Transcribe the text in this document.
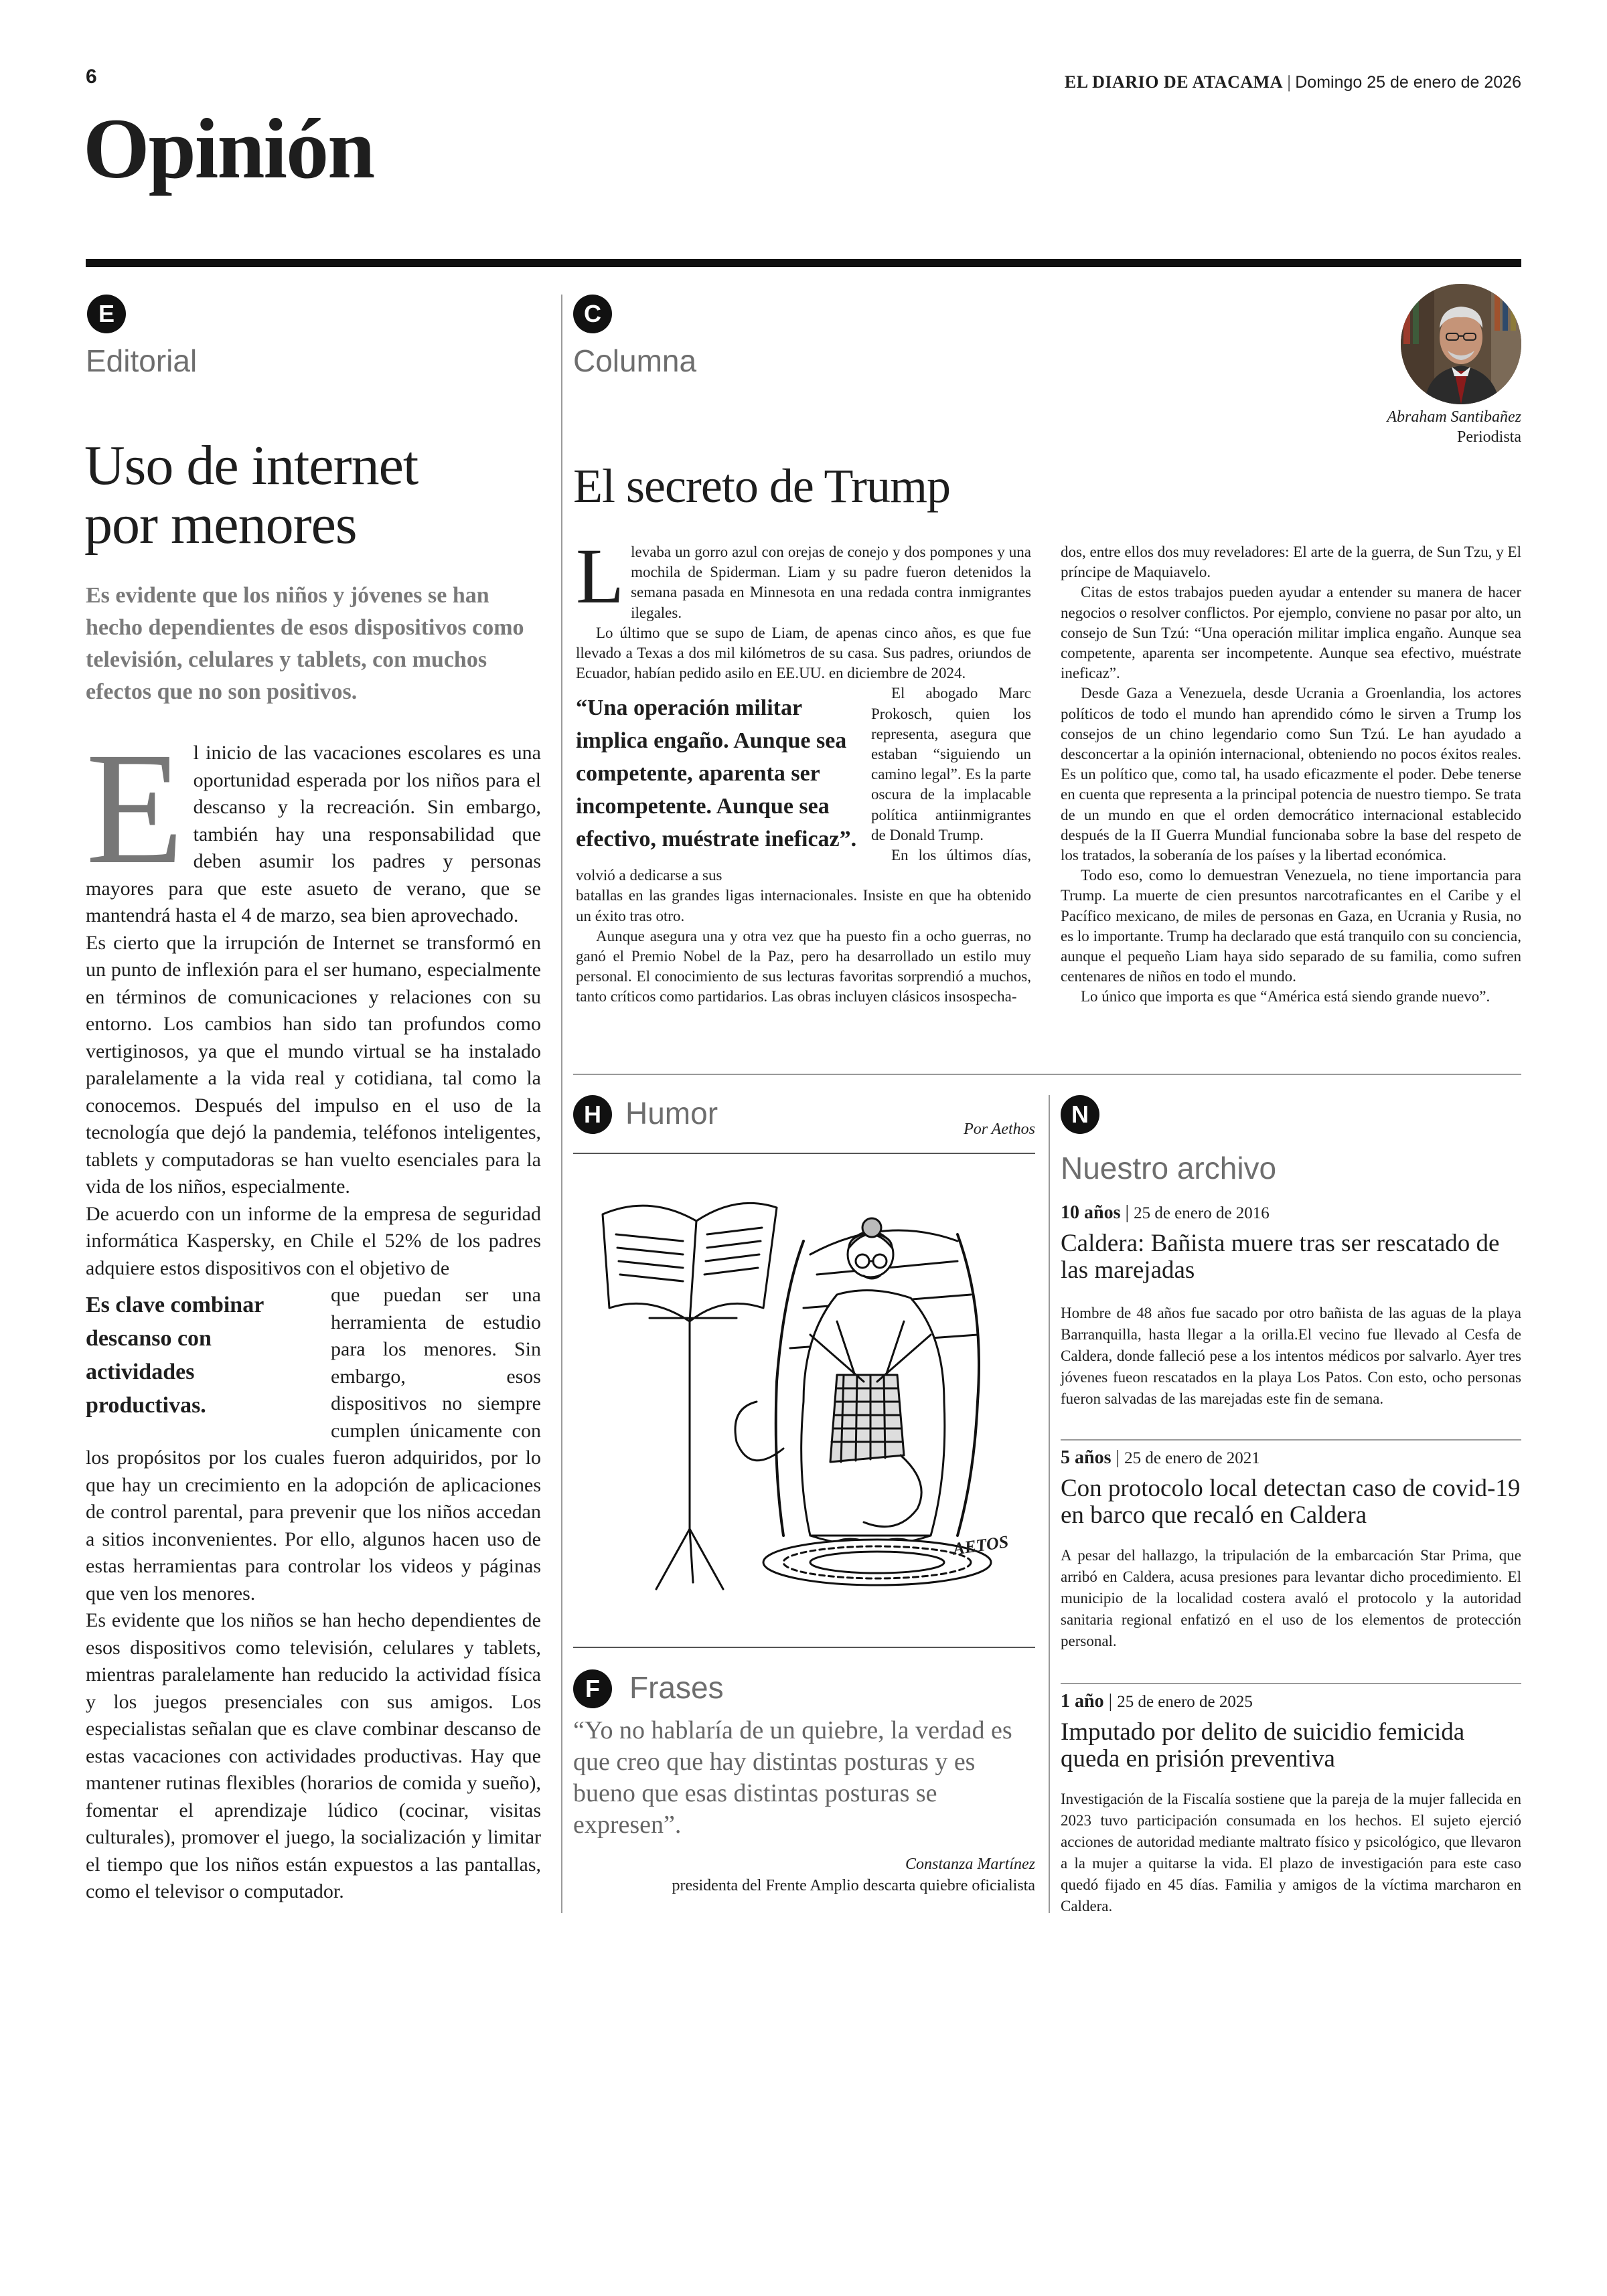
6	EL DIARIO DE ATACAMA | Domingo 25 de enero de 2026
Opinión
E
Editorial
Uso de internet
por menores

Es evidente que los niños y jóvenes se han hecho dependientes de esos dispositivos como televisión, celulares y tablets, con muchos efectos que no son positivos.

El inicio de las vacaciones escolares es una oportunidad esperada por los niños para el descanso y la recreación. Sin embargo, también hay una responsabilidad que deben asumir los padres y personas mayores para que este asueto de verano, que se mantendrá hasta el 4 de marzo, sea bien aprovechado.

Es cierto que la irrupción de Internet se transformó en un punto de inflexión para el ser humano, especialmente en términos de comunicaciones y relaciones con su entorno. Los cambios han sido tan profundos como vertiginosos, ya que el mundo virtual se ha instalado paralelamente a la vida real y cotidiana, tal como la conocemos. Después del impulso en el uso de la tecnología que dejó la pandemia, teléfonos inteligentes, tablets y computadoras se han vuelto esenciales para la vida de los niños, especialmente.

De acuerdo con un informe de la empresa de seguridad informática Kaspersky, en Chile el 52% de los padres adquiere estos dispositivos con el objetivo de

Es clave combinar descanso con actividades productivas.

que puedan ser una herramienta de estudio para los menores. Sin embargo, esos dispositivos no siempre cumplen únicamente con los propósitos por los cuales fueron adquiridos, por lo que hay un crecimiento en la adopción de aplicaciones de control parental, para prevenir que los niños accedan a sitios inconvenientes. Por ello, algunos hacen uso de estas herramientas para controlar los videos y páginas que ven los menores.

Es evidente que los niños se han hecho dependientes de esos dispositivos como televisión, celulares y tablets, mientras paralelamente han reducido la actividad física y los juegos presenciales con sus amigos. Los especialistas señalan que es clave combinar descanso de estas vacaciones con actividades productivas. Hay que mantener rutinas flexibles (horarios de comida y sueño), fomentar el aprendizaje lúdico (cocinar, visitas culturales), promover el juego, la socialización y limitar el tiempo que los niños están expuestos a las pantallas, como el televisor o computador.

C
Columna
Abraham Santibañez
Periodista
El secreto de Trump

Llevaba un gorro azul con orejas de conejo y dos pompones y una mochila de Spiderman. Liam y su padre fueron detenidos la semana pasada en Minnesota en una redada contra inmigrantes ilegales.

Lo último que se supo de Liam, de apenas cinco años, es que fue llevado a Texas a dos mil kilómetros de su casa. Sus padres, oriundos de Ecuador, habían pedido asilo en EE.UU. en diciembre de 2024.

“Una operación militar implica engaño. Aunque sea competente, aparenta ser incompetente. Aunque sea efectivo, muéstrate ineficaz”.

El abogado Marc Prokosch, quien los representa, asegura que estaban “siguiendo un camino legal”. Es la parte oscura de la implacable política antiinmigrantes de Donald Trump.

En los últimos días, volvió a dedicarse a sus

batallas en las grandes ligas internacionales. Insiste en que ha obtenido un éxito tras otro.

Aunque asegura una y otra vez que ha puesto fin a ocho guerras, no ganó el Premio Nobel de la Paz, pero ha desarrollado un estilo muy personal. El conocimiento de sus lecturas favoritas sorprendió a muchos, tanto críticos como partidarios. Las obras incluyen clásicos insospecha-

dos, entre ellos dos muy reveladores: El arte de la guerra, de Sun Tzu, y El príncipe de Maquiavelo.

Citas de estos trabajos pueden ayudar a entender su manera de hacer negocios o resolver conflictos. Por ejemplo, conviene no pasar por alto, un consejo de Sun Tzú: “Una operación militar implica engaño. Aunque sea competente, aparenta ser incompetente. Aunque sea efectivo, muéstrate ineficaz”.

Desde Gaza a Venezuela, desde Ucrania a Groenlandia, los actores políticos de todo el mundo han aprendido cómo le sirven a Trump los consejos de un chino legendario como Sun Tzú. Le han ayudado a desconcertar a la opinión internacional, obteniendo no pocos éxitos reales. Es un político que, como tal, ha usado eficazmente el poder. Debe tenerse en cuenta que representa a la principal potencia de nuestro tiempo. Se trata de un mundo en que el orden democrático internacional establecido después de la II Guerra Mundial funcionaba sobre la base del respeto de los tratados, la soberanía de los países y la libertad económica.

Todo eso, como lo demuestran Venezuela, no tiene importancia para Trump. La muerte de cien presuntos narcotraficantes en el Caribe y el Pacífico mexicano, de miles de personas en Gaza, en Ucrania y Rusia, no es lo importante. Trump ha declarado que está tranquilo con su conciencia, aunque el pequeño Liam haya sido separado de su familia, como sufren centenares de niños en todo el mundo.

Lo único que importa es que “América está siendo grande nuevo”.

H Humor	Por Aethos
AETOS
F Frases

“Yo no hablaría de un quiebre, la verdad es que creo que hay distintas posturas y es bueno que esas distintas posturas se expresen”.

Constanza Martínez
presidenta del Frente Amplio descarta quiebre oficialista
N
Nuestro archivo
10 años | 25 de enero de 2016
Caldera: Bañista muere tras ser rescatado de las marejadas

Hombre de 48 años fue sacado por otro bañista de las aguas de la playa Barranquilla, hasta llegar a la orilla.El vecino fue llevado al Cesfa de Caldera, donde falleció pese a los intentos médicos por salvarlo. Ayer tres jóvenes fueon rescatados en la playa Los Patos. Con esto, ocho personas fueron salvadas de las marejadas este fin de semana.

5 años | 25 de enero de 2021
Con protocolo local detectan caso de covid-19 en barco que recaló en Caldera

A pesar del hallazgo, la tripulación de la embarcación Star Prima, que arribó en Caldera, acusa presiones para levantar dicho procedimiento. El municipio de la localidad costera avaló el protocolo y la autoridad sanitaria regional enfatizó en el uso de los elementos de protección personal.

1 año | 25 de enero de 2025
Imputado por delito de suicidio femicida queda en prisión preventiva

Investigación de la Fiscalía sostiene que la pareja de la mujer fallecida en 2023 tuvo participación consumada en los hechos. El sujeto ejerció acciones de autoridad mediante maltrato físico y psicológico, que llevaron a la mujer a quitarse la vida. El plazo de investigación para este caso quedó fijado en 45 días. Familia y amigos de la víctima marcharon en Caldera.
